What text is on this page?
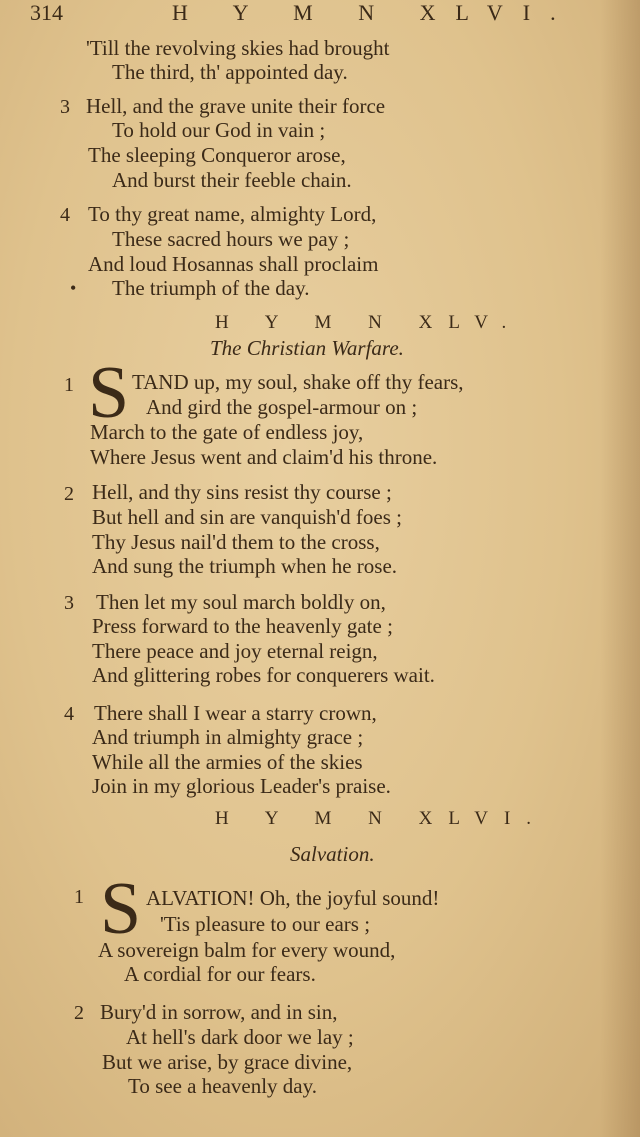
314	H Y M N XLVI.
'Till the revolving skies had brought
The third, th' appointed day.
3 Hell, and the grave unite their force
To hold our God in vain ;
The sleeping Conqueror arose,
And burst their feeble chain.
4 To thy great name, almighty Lord,
These sacred hours we pay ;
And loud Hosannas shall proclaim
• The triumph of the day.
H Y M N XLV.
The Christian Warfare.
1 S TAND up, my soul, shake off thy fears,
And gird the gospel-armour on ;
March to the gate of endless joy,
Where Jesus went and claim'd his throne.
2 Hell, and thy sins resist thy course ;
But hell and sin are vanquish'd foes ;
Thy Jesus nail'd them to the cross,
And sung the triumph when he rose.
3 Then let my soul march boldly on,
Press forward to the heavenly gate ;
There peace and joy eternal reign,
And glittering robes for conquerers wait.
4 There shall I wear a starry crown,
And triumph in almighty grace ;
While all the armies of the skies
Join in my glorious Leader's praise.
H Y M N XLVI.
Salvation.
1 S ALVATION! Oh, the joyful sound!
'Tis pleasure to our ears ;
A sovereign balm for every wound,
A cordial for our fears.
2 Bury'd in sorrow, and in sin,
At hell's dark door we lay ;
But we arise, by grace divine,
To see a heavenly day.
